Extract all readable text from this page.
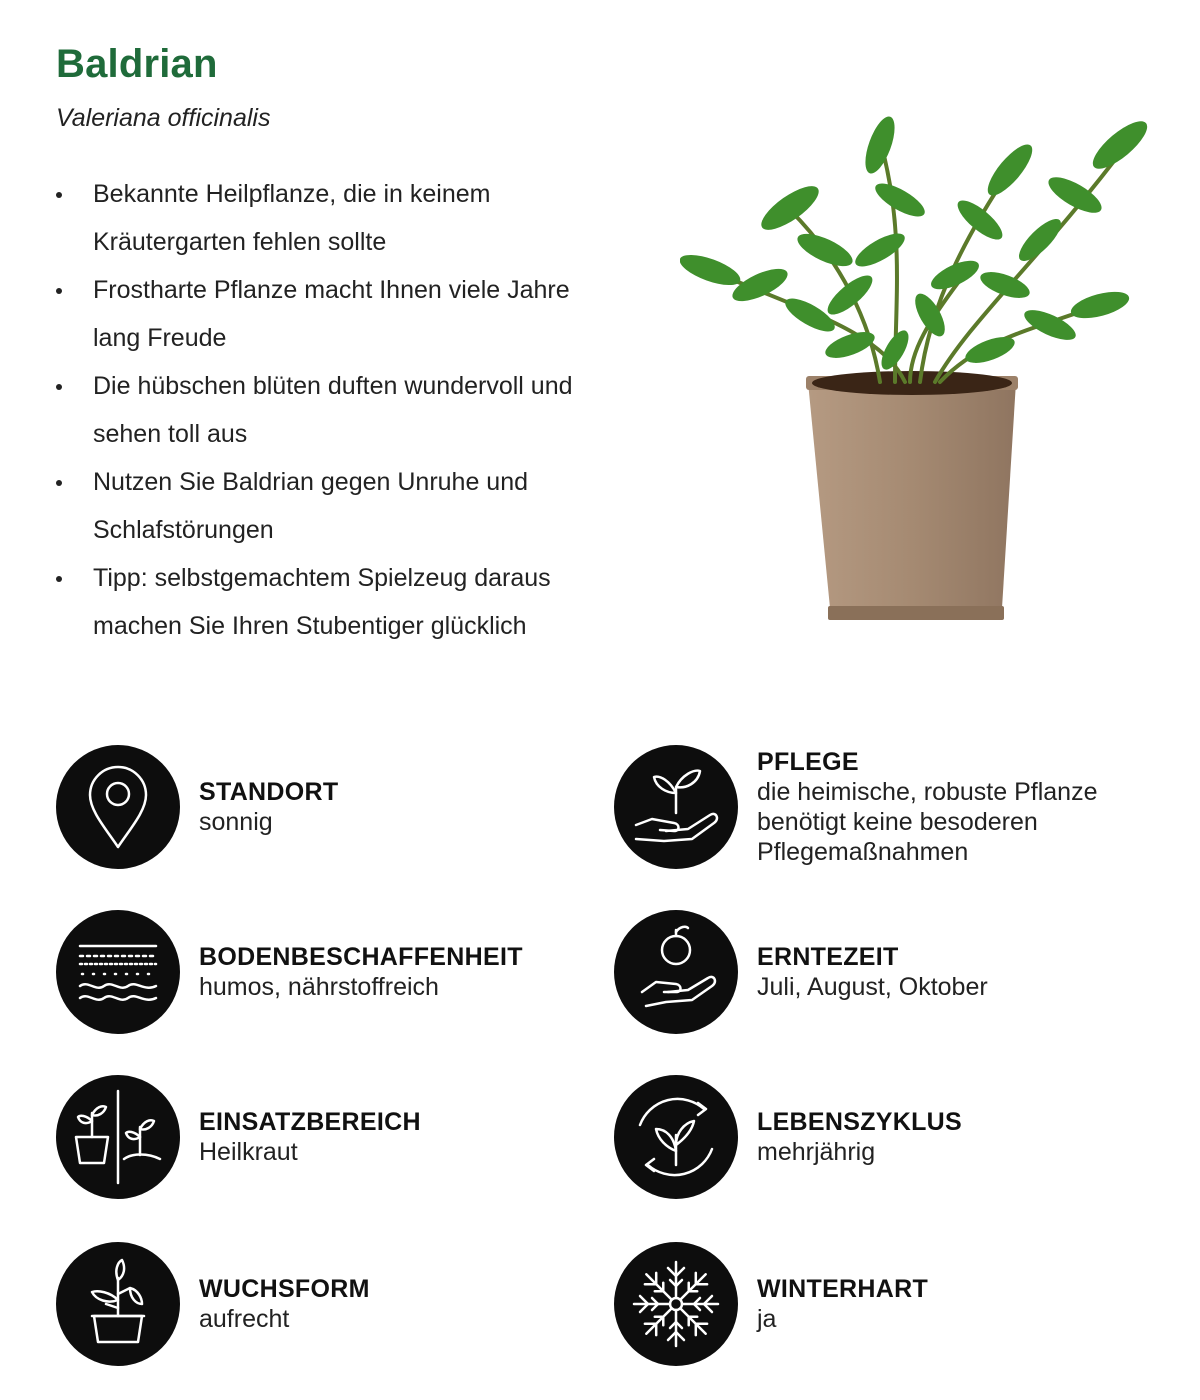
Baldrian
Valeriana officinalis
Bekannte Heilpflanze, die in keinem Kräutergarten fehlen sollte
Frostharte Pflanze macht Ihnen viele Jahre lang Freude
Die hübschen blüten duften wundervoll und sehen toll aus
Nutzen Sie Baldrian gegen Unruhe und Schlafstörungen
Tipp: selbstgemachtem Spielzeug daraus machen Sie Ihren Stubentiger glücklich
STANDORT
sonnig
PFLEGE
die heimische, robuste Pflanze benötigt keine besoderen Pflegemaßnahmen
BODENBESCHAFFENHEIT
humos, nährstoffreich
ERNTEZEIT
Juli, August, Oktober
EINSATZBEREICH
Heilkraut
LEBENSZYKLUS
mehrjährig
WUCHSFORM
aufrecht
WINTERHART
ja
